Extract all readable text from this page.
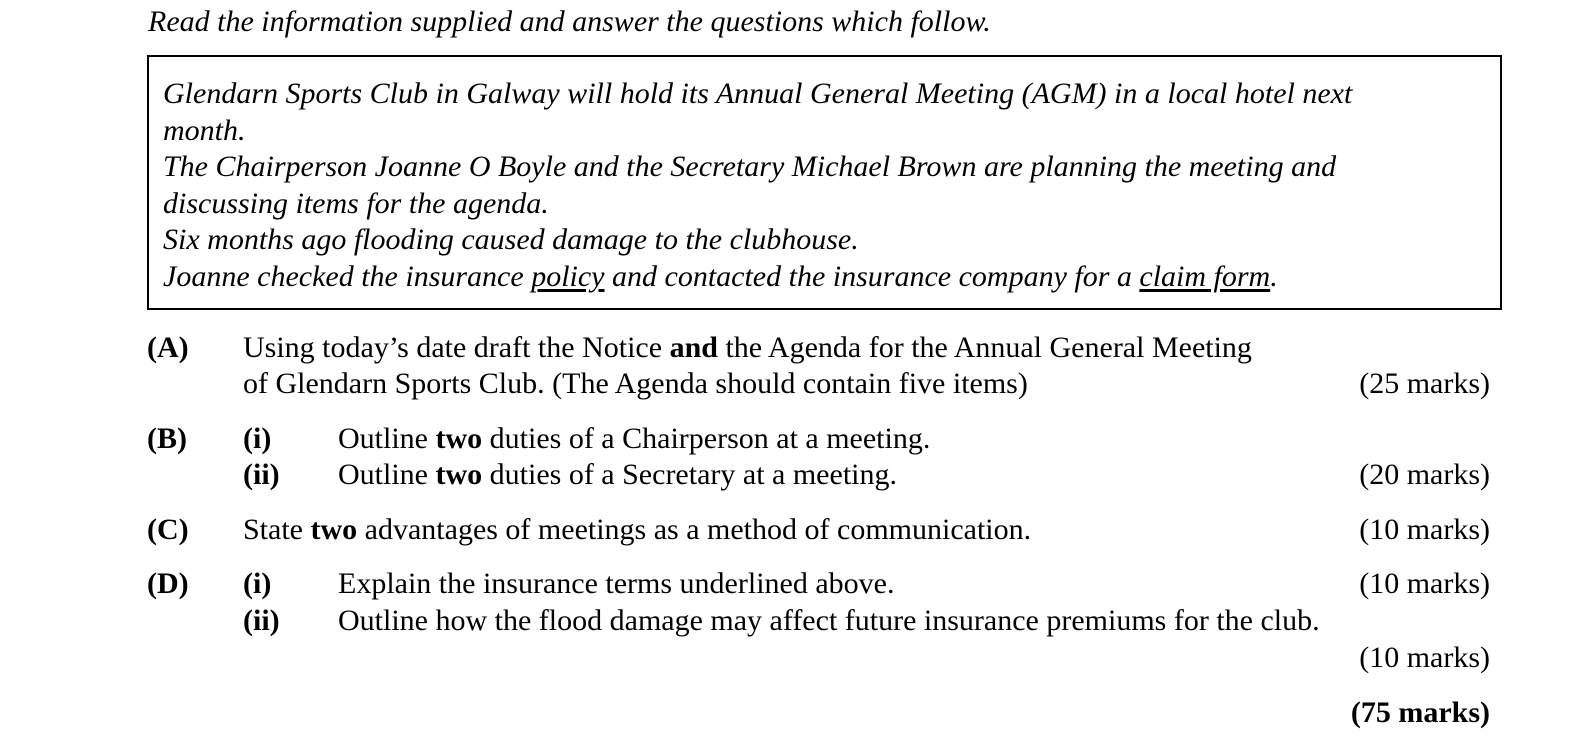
Read the information supplied and answer the questions which follow.
Glendarn Sports Club in Galway will hold its Annual General Meeting (AGM) in a local hotel next
month.
The Chairperson Joanne O Boyle and the Secretary Michael Brown are planning the meeting and
discussing items for the agenda.
Six months ago flooding caused damage to the clubhouse.
Joanne checked the insurance policy and contacted the insurance company for a claim form.
(A) Using today’s date draft the Notice and the Agenda for the Annual General Meeting
of Glendarn Sports Club. (The Agenda should contain five items)	(25 marks)
(B) (i) Outline two duties of a Chairperson at a meeting.
(ii) Outline two duties of a Secretary at a meeting.	(20 marks)
(C) State two advantages of meetings as a method of communication.	(10 marks)
(D) (i) Explain the insurance terms underlined above.	(10 marks)
(ii) Outline how the flood damage may affect future insurance premiums for the club.
(10 marks)
(75 marks)
